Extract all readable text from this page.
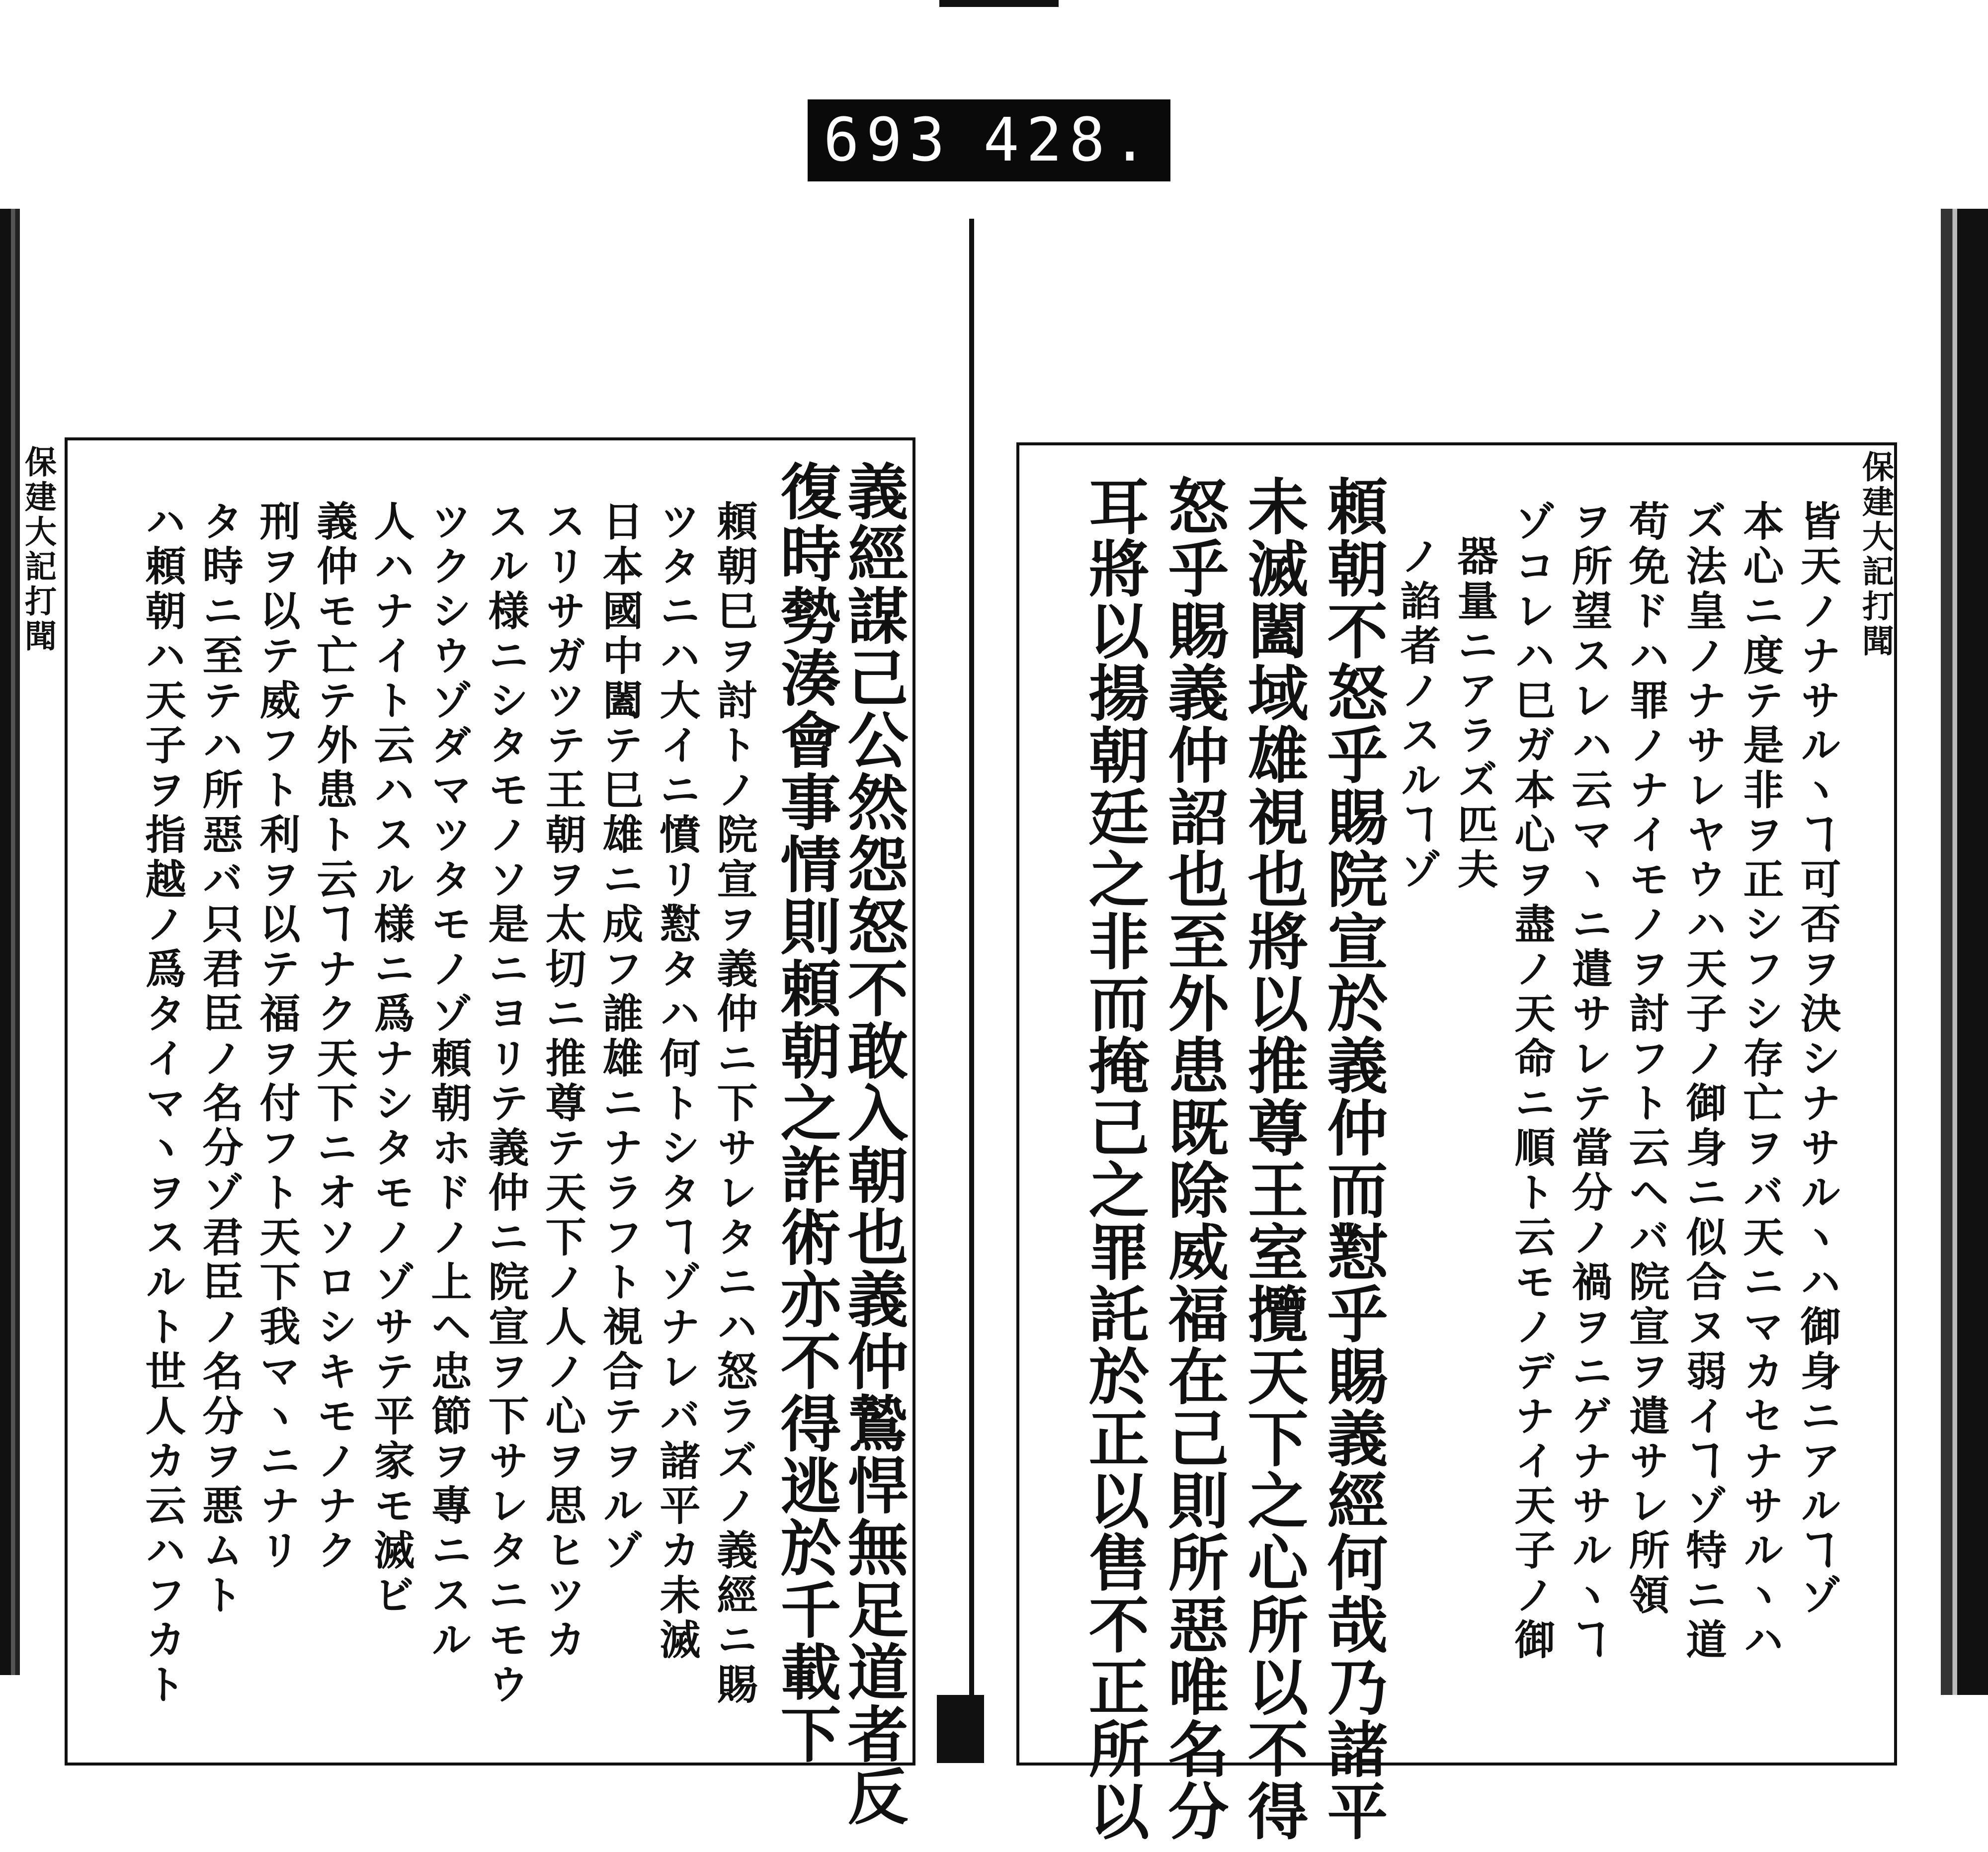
693 428.
保建大記打聞	義經謀己公然怨怒不敢入朝也義仲鷙悍無足道者反
復時勢湊會事情則頼朝之詐術亦不得逃於千載下
頼朝巳ヲ討トノ院宣ヲ義仲ニ下サレタニハ怒ラズノ義經ニ賜
ツタニハ大イニ憤リ懟タハ何トシタヿゾナレバ諸平カ未滅
日本國中闔テ巳雄ニ成フ誰雄ニナラフト視合テヲルゾ
スリサガツテ王朝ヲ太切ニ推尊テ天下ノ人ノ心ヲ思ヒツカ
スル様ニシタモノソ是ニヨリテ義仲ニ院宣ヲ下サレタニモウ
ツクシウゾダマツタモノゾ頼朝ホドノ上ヘ忠節ヲ專ニスル
人ハナイト云ハスル様ニ爲ナシタモノゾサテ平家モ滅ビ
義仲モ亡テ外患ト云ヿナク天下ニオソロシキモノナク
刑ヲ以テ威フト利ヲ以テ福ヲ付フト天下我マヽニナリ
タ時ニ至テハ所惡バ只君臣ノ名分ゾ君臣ノ名分ヲ悪ムト
ハ頼朝ハ天子ヲ指越ノ爲タイマヽヲスルト世人カ云ハフカト	保建大記打聞
皆天ノナサルヽヿ可否ヲ決シナサルヽハ御身ニアルヿゾ
本心ニ度テ是非ヲ正シフシ存亡ヲバ天ニマカセナサルヽハ
ズ法皇ノナサレヤウハ天子ノ御身ニ似合ヌ弱イヿゾ特ニ道
苟免ドハ罪ノナイモノヲ討フト云ヘバ院宣ヲ遣サレ所領
ヲ所望スレハ云マヽニ遣サレテ當分ノ禍ヲニゲナサルヽヿ
ゾコレハ巳ガ本心ヲ盡ノ天命ニ順ト云モノデナイ天子ノ御
器量ニアラズ匹夫
ノ諂者ノスルヿゾ
頼朝不怒乎賜院宣於義仲而懟乎賜義經何哉乃諸平
未滅闔域雄視也將以推尊王室攬天下之心所以不得
怒乎賜義仲詔也至外患既除威福在己則所惡唯名分
耳將以揚朝廷之非而掩己之罪託於正以售不正所以
